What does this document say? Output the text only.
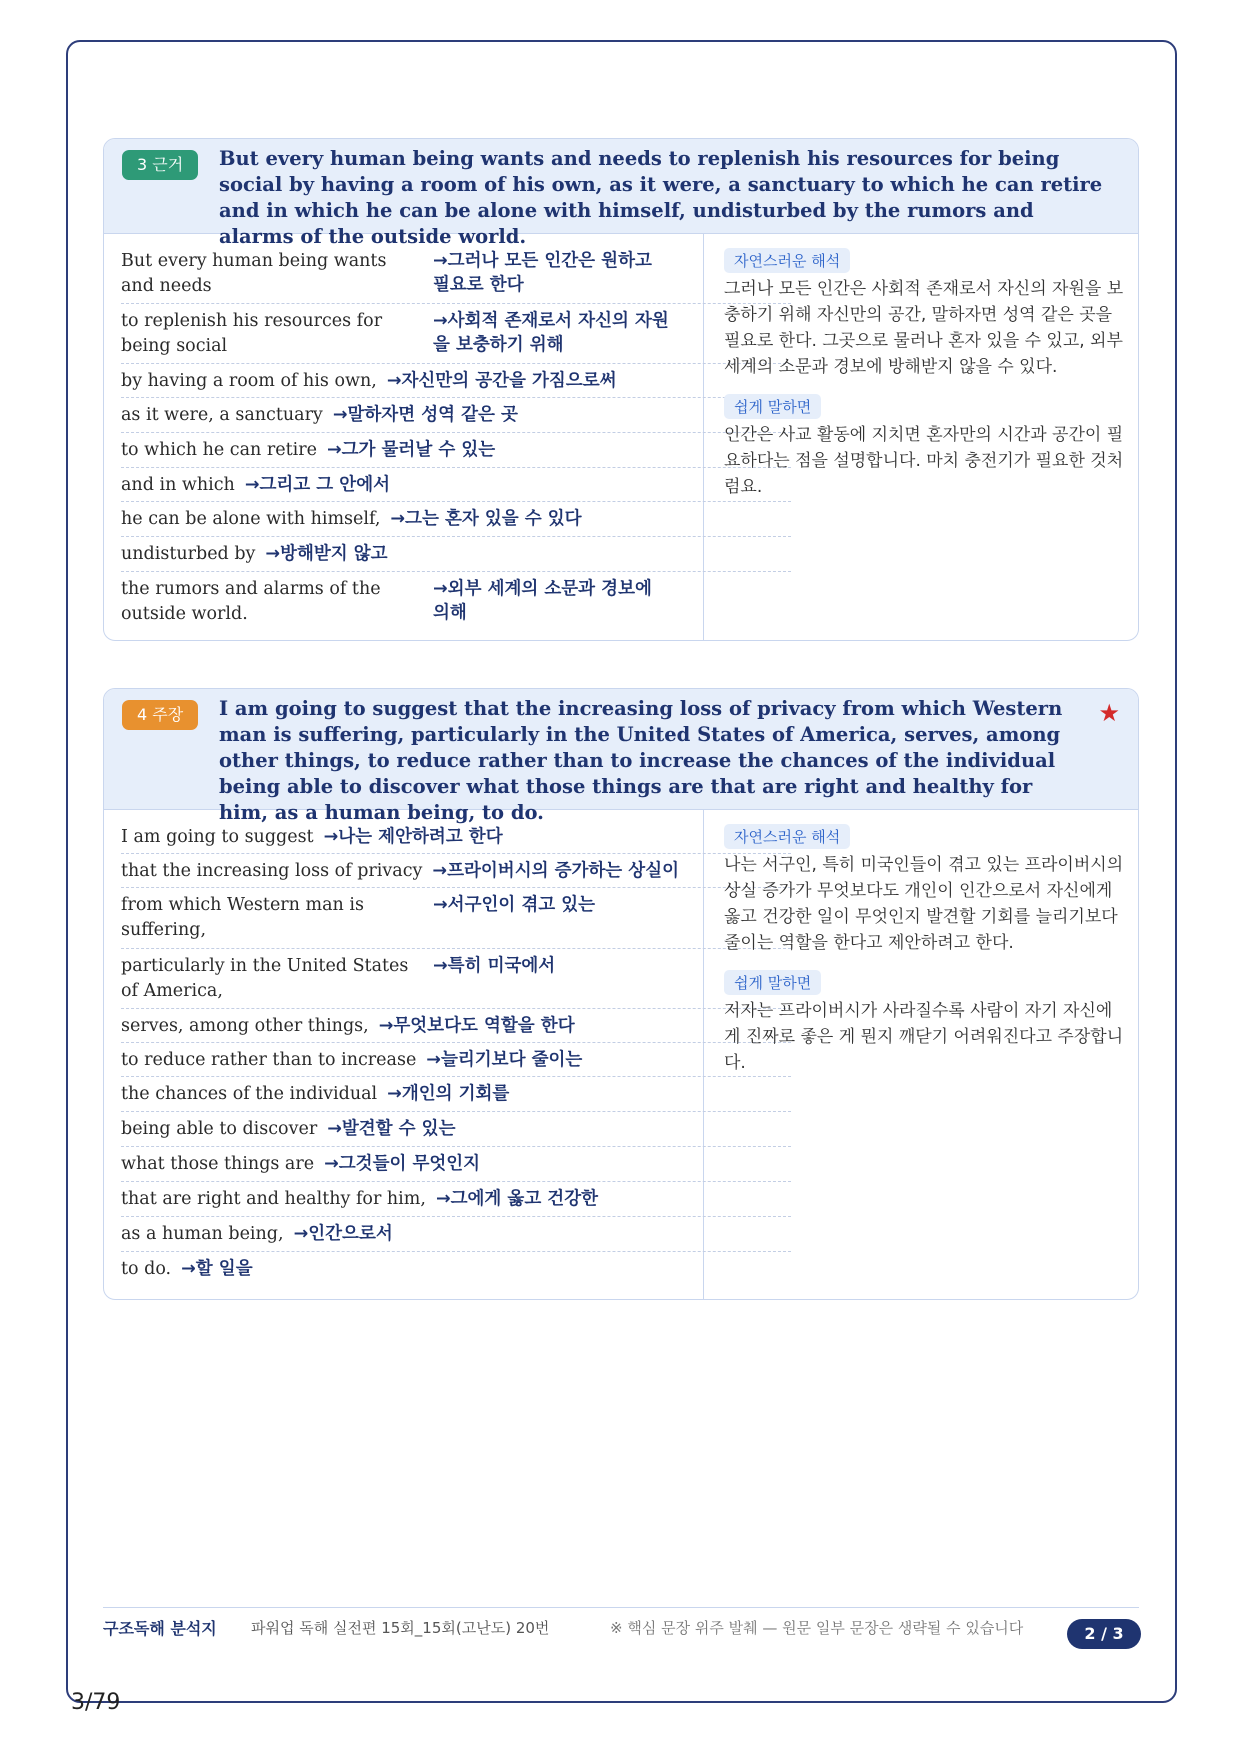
3 근거	But every human being wants and needs to replenish his resources for being social by having a room of his own, as it were, a sanctuary to which he can retire and in which he can be alone with himself, undisturbed by the rumors and alarms of the outside world.
But every human being wants and needs
→그러나 모든 인간은 원하고 필요로 한다
to replenish his resources for being social
→사회적 존재로서 자신의 자원을 보충하기 위해
by having a room of his own, →자신만의 공간을 가짐으로써
as it were, a sanctuary →말하자면 성역 같은 곳
to which he can retire →그가 물러날 수 있는
and in which →그리고 그 안에서
he can be alone with himself, →그는 혼자 있을 수 있다
undisturbed by →방해받지 않고
the rumors and alarms of the outside world.
→외부 세계의 소문과 경보에 의해
자연스러운 해석
그러나 모든 인간은 사회적 존재로서 자신의 자원을 보충하기 위해 자신만의 공간, 말하자면 성역 같은 곳을 필요로 한다. 그곳으로 물러나 혼자 있을 수 있고, 외부 세계의 소문과 경보에 방해받지 않을 수 있다.
쉽게 말하면
인간은 사교 활동에 지치면 혼자만의 시간과 공간이 필요하다는 점을 설명합니다. 마치 충전기가 필요한 것처럼요.
4 주장	I am going to suggest that the increasing loss of privacy from which Western man is suffering, particularly in the United States of America, serves, among other things, to reduce rather than to increase the chances of the individual being able to discover what those things are that are right and healthy for him, as a human being, to do.
★
I am going to suggest →나는 제안하려고 한다
that the increasing loss of privacy →프라이버시의 증가하는 상실이
from which Western man is suffering,
→서구인이 겪고 있는
particularly in the United States of America,
→특히 미국에서
serves, among other things, →무엇보다도 역할을 한다
to reduce rather than to increase →늘리기보다 줄이는
the chances of the individual →개인의 기회를
being able to discover →발견할 수 있는
what those things are →그것들이 무엇인지
that are right and healthy for him, →그에게 옳고 건강한
as a human being, →인간으로서
to do. →할 일을
자연스러운 해석
나는 서구인, 특히 미국인들이 겪고 있는 프라이버시의 상실 증가가 무엇보다도 개인이 인간으로서 자신에게 옳고 건강한 일이 무엇인지 발견할 기회를 늘리기보다 줄이는 역할을 한다고 제안하려고 한다.
쉽게 말하면
저자는 프라이버시가 사라질수록 사람이 자기 자신에게 진짜로 좋은 게 뭔지 깨닫기 어려워진다고 주장합니다.
구조독해 분석지	파워업 독해 실전편 15회_15회(고난도) 20번	※ 핵심 문장 위주 발췌 — 원문 일부 문장은 생략될 수 있습니다	2 / 3
3/79
